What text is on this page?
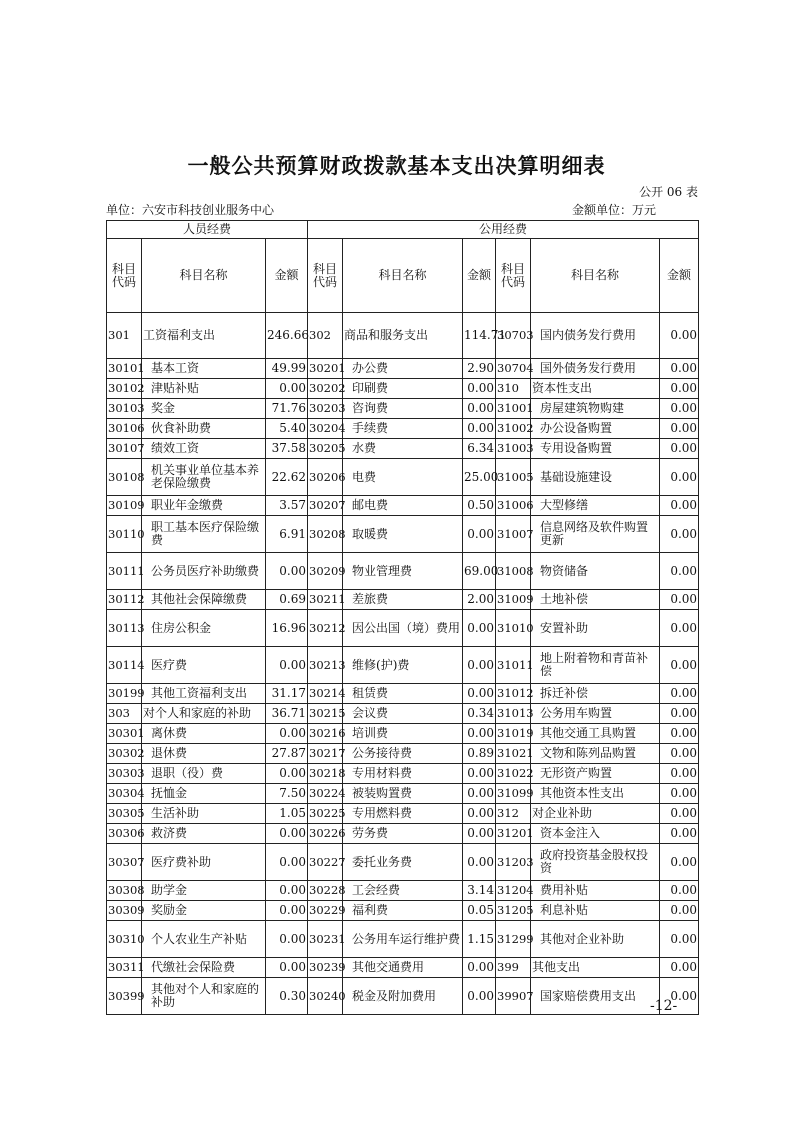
一般公共预算财政拨款基本支出决算明细表
公开 06 表
单位：六安市科技创业服务中心	金额单位：万元
人员经费			公用经费					
科目代码	科目名称	金额	科目代码	科目名称	金额	科目代码	科目名称	金额
301	工资福利支出	246.66	302	商品和服务支出	114.71	30703	国内债务发行费用	0.00
30101	基本工资	49.99	30201	办公费	2.90	30704	国外债务发行费用	0.00
30102	津贴补贴	0.00	30202	印刷费	0.00	310	资本性支出	0.00
30103	奖金	71.76	30203	咨询费	0.00	31001	房屋建筑物购建	0.00
30106	伙食补助费	5.40	30204	手续费	0.00	31002	办公设备购置	0.00
30107	绩效工资	37.58	30205	水费	6.34	31003	专用设备购置	0.00
30108	机关事业单位基本养老保险缴费	22.62	30206	电费	25.00	31005	基础设施建设	0.00
30109	职业年金缴费	3.57	30207	邮电费	0.50	31006	大型修缮	0.00
30110	职工基本医疗保险缴费	6.91	30208	取暖费	0.00	31007	信息网络及软件购置更新	0.00
30111	公务员医疗补助缴费	0.00	30209	物业管理费	69.00	31008	物资储备	0.00
30112	其他社会保障缴费	0.69	30211	差旅费	2.00	31009	土地补偿	0.00
30113	住房公积金	16.96	30212	因公出国（境）费用	0.00	31010	安置补助	0.00
30114	医疗费	0.00	30213	维修(护)费	0.00	31011	地上附着物和青苗补偿	0.00
30199	其他工资福利支出	31.17	30214	租赁费	0.00	31012	拆迁补偿	0.00
303	对个人和家庭的补助	36.71	30215	会议费	0.34	31013	公务用车购置	0.00
30301	离休费	0.00	30216	培训费	0.00	31019	其他交通工具购置	0.00
30302	退休费	27.87	30217	公务接待费	0.89	31021	文物和陈列品购置	0.00
30303	退职（役）费	0.00	30218	专用材料费	0.00	31022	无形资产购置	0.00
30304	抚恤金	7.50	30224	被装购置费	0.00	31099	其他资本性支出	0.00
30305	生活补助	1.05	30225	专用燃料费	0.00	312	对企业补助	0.00
30306	救济费	0.00	30226	劳务费	0.00	31201	资本金注入	0.00
30307	医疗费补助	0.00	30227	委托业务费	0.00	31203	政府投资基金股权投资	0.00
30308	助学金	0.00	30228	工会经费	3.14	31204	费用补贴	0.00
30309	奖励金	0.00	30229	福利费	0.05	31205	利息补贴	0.00
30310	个人农业生产补贴	0.00	30231	公务用车运行维护费	1.15	31299	其他对企业补助	0.00
30311	代缴社会保险费	0.00	30239	其他交通费用	0.00	399	其他支出	0.00
30399	其他对个人和家庭的补助	0.30	30240	税金及附加费用	0.00	39907	国家赔偿费用支出	0.00
-12-
